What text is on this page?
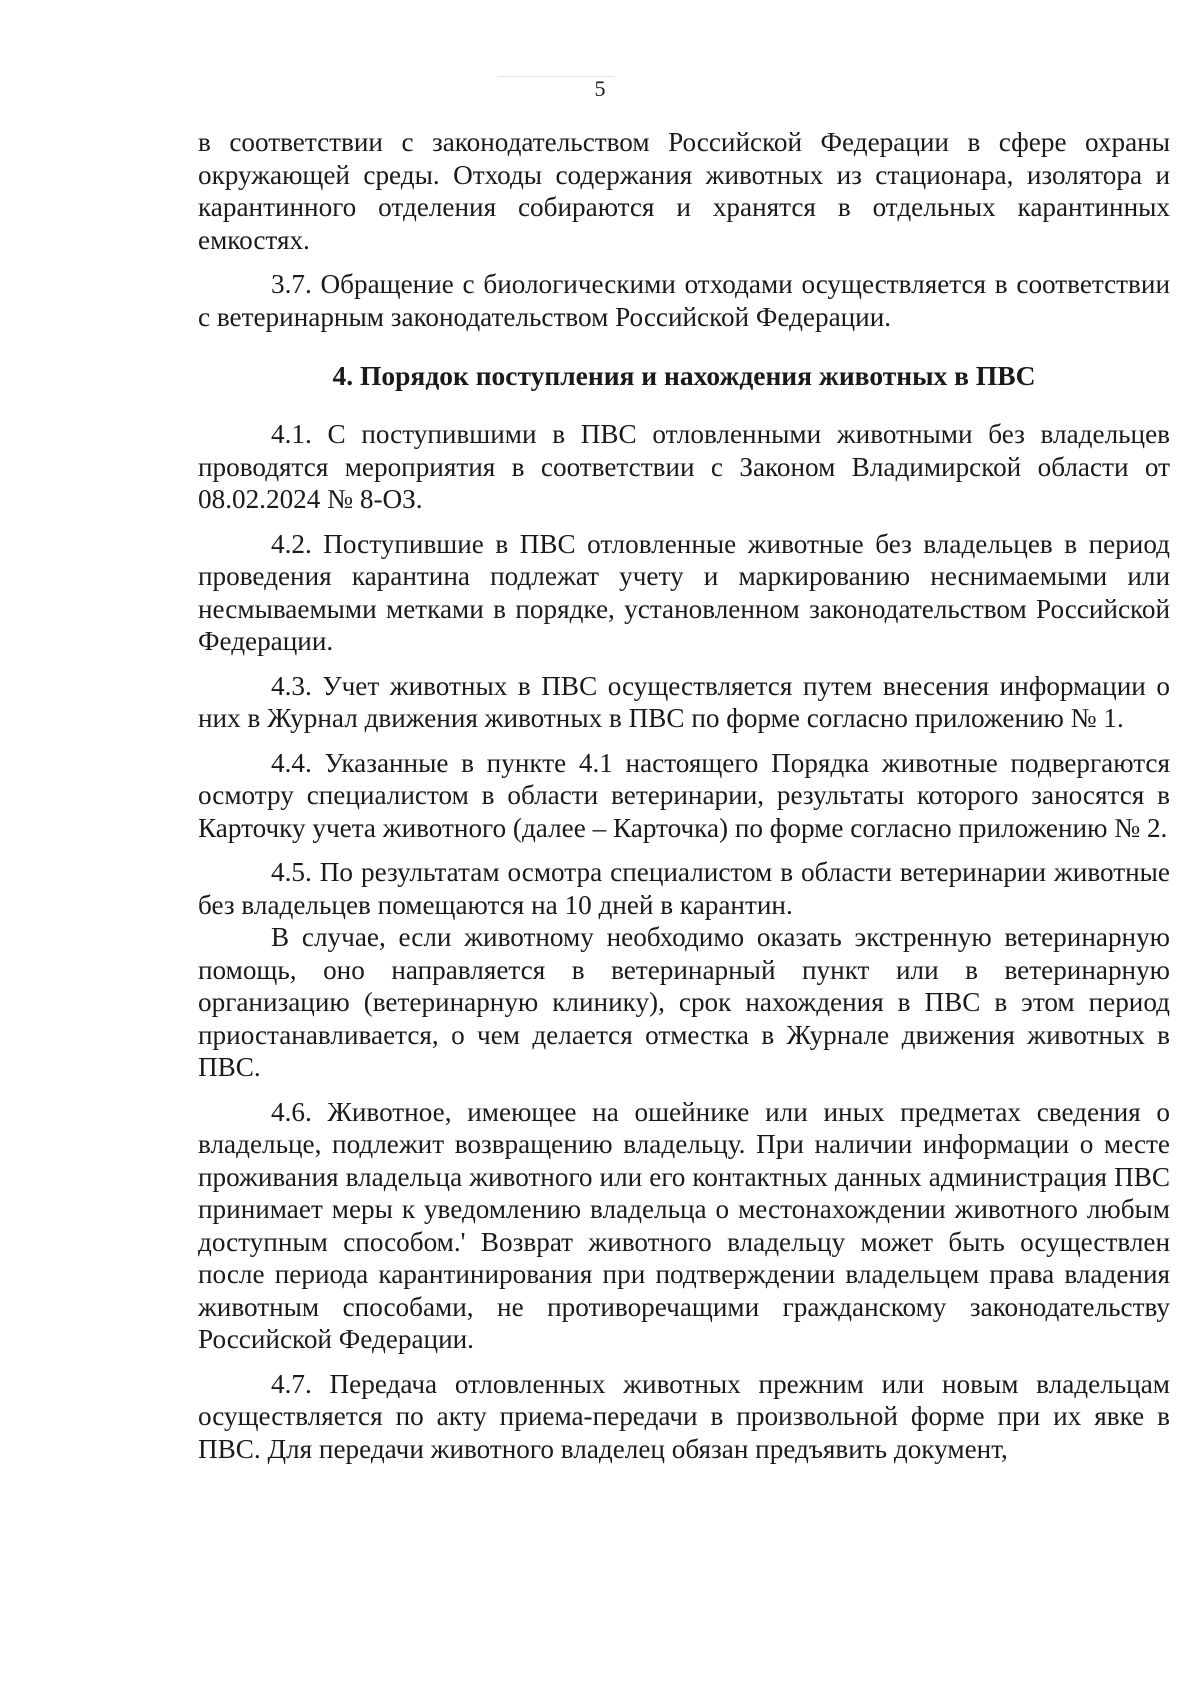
5

в соответствии с законодательством Российской Федерации в сфере охраны окружающей среды. Отходы содержания животных из стационара, изолятора и карантинного отделения собираются и хранятся в отдельных карантинных емкостях.

3.7. Обращение с биологическими отходами осуществляется в соответствии с ветеринарным законодательством Российской Федерации.

4. Порядок поступления и нахождения животных в ПВС

4.1. С поступившими в ПВС отловленными животными без владельцев проводятся мероприятия в соответствии с Законом Владимирской области от 08.02.2024 № 8-ОЗ.

4.2. Поступившие в ПВС отловленные животные без владельцев в период проведения карантина подлежат учету и маркированию неснимаемыми или несмываемыми метками в порядке, установленном законодательством Российской Федерации.

4.3. Учет животных в ПВС осуществляется путем внесения информации о них в Журнал движения животных в ПВС по форме согласно приложению № 1.

4.4. Указанные в пункте 4.1 настоящего Порядка животные подвергаются осмотру специалистом в области ветеринарии, результаты которого заносятся в Карточку учета животного (далее – Карточка) по форме согласно приложению № 2.

4.5. По результатам осмотра специалистом в области ветеринарии животные без владельцев помещаются на 10 дней в карантин.

В случае, если животному необходимо оказать экстренную ветеринарную помощь, оно направляется в ветеринарный пункт или в ветеринарную организацию (ветеринарную клинику), срок нахождения в ПВС в этом период приостанавливается, о чем делается отместка в Журнале движения животных в ПВС.

4.6. Животное, имеющее на ошейнике или иных предметах сведения о владельце, подлежит возвращению владельцу. При наличии информации о месте проживания владельца животного или его контактных данных администрация ПВС принимает меры к уведомлению владельца о местонахождении животного любым доступным способом.' Возврат животного владельцу может быть осуществлен после периода карантинирования при подтверждении владельцем права владения животным способами, не противоречащими гражданскому законодательству Российской Федерации.

4.7. Передача отловленных животных прежним или новым владельцам осуществляется по акту приема-передачи в произвольной форме при их явке в ПВС. Для передачи животного владелец обязан предъявить документ,
